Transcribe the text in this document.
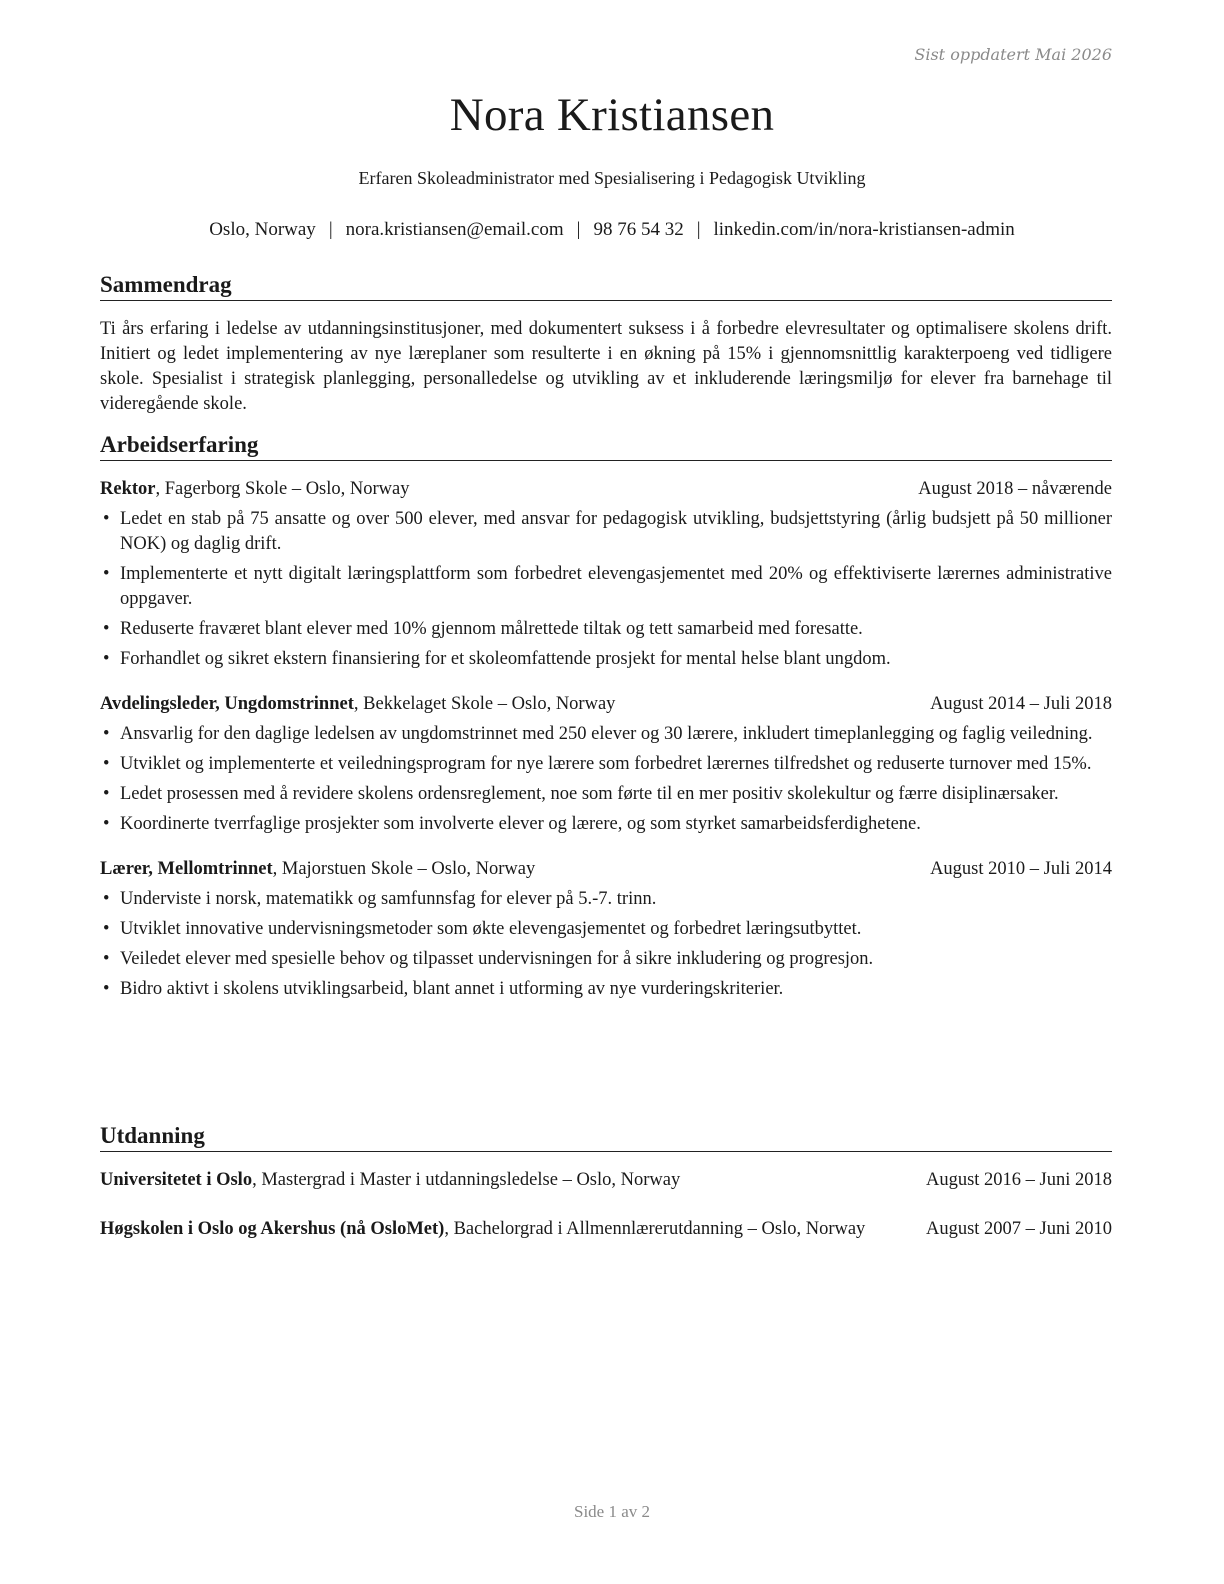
Sist oppdatert Mai 2026
Nora Kristiansen
Erfaren Skoleadministrator med Spesialisering i Pedagogisk Utvikling
Oslo, Norway | nora.kristiansen@email.com | 98 76 54 32 | linkedin.com/in/nora-kristiansen-admin
Sammendrag
Ti års erfaring i ledelse av utdanningsinstitusjoner, med dokumentert suksess i å forbedre elevresultater og optimalisere skolens drift. Initiert og ledet implementering av nye læreplaner som resulterte i en økning på 15% i gjennomsnittlig karakterpoeng ved tidligere skole. Spesialist i strategisk planlegging, personalledelse og utvikling av et inkluderende læringsmiljø for elever fra barnehage til videregående skole.
Arbeidserfaring
Rektor, Fagerborg Skole – Oslo, Norway	August 2018 – nåværende
• Ledet en stab på 75 ansatte og over 500 elever, med ansvar for pedagogisk utvikling, budsjettstyring (årlig budsjett på 50 millioner NOK) og daglig drift.
• Implementerte et nytt digitalt læringsplattform som forbedret elevengasjementet med 20% og effektiviserte lærernes administrative oppgaver.
• Reduserte fraværet blant elever med 10% gjennom målrettede tiltak og tett samarbeid med foresatte.
• Forhandlet og sikret ekstern finansiering for et skoleomfattende prosjekt for mental helse blant ungdom.
Avdelingsleder, Ungdomstrinnet, Bekkelaget Skole – Oslo, Norway	August 2014 – Juli 2018
• Ansvarlig for den daglige ledelsen av ungdomstrinnet med 250 elever og 30 lærere, inkludert timeplanlegging og faglig veiledning.
• Utviklet og implementerte et veiledningsprogram for nye lærere som forbedret lærernes tilfredshet og reduserte turnover med 15%.
• Ledet prosessen med å revidere skolens ordensreglement, noe som førte til en mer positiv skolekultur og færre disiplinærsaker.
• Koordinerte tverrfaglige prosjekter som involverte elever og lærere, og som styrket samarbeidsferdighetene.
Lærer, Mellomtrinnet, Majorstuen Skole – Oslo, Norway	August 2010 – Juli 2014
• Underviste i norsk, matematikk og samfunnsfag for elever på 5.-7. trinn.
• Utviklet innovative undervisningsmetoder som økte elevengasjementet og forbedret læringsutbyttet.
• Veiledet elever med spesielle behov og tilpasset undervisningen for å sikre inkludering og progresjon.
• Bidro aktivt i skolens utviklingsarbeid, blant annet i utforming av nye vurderingskriterier.
Utdanning
Universitetet i Oslo, Mastergrad i Master i utdanningsledelse – Oslo, Norway	August 2016 – Juni 2018
Høgskolen i Oslo og Akershus (nå OsloMet), Bachelorgrad i Allmennlærerutdanning – Oslo, Norway	August 2007 – Juni 2010
Side 1 av 2
